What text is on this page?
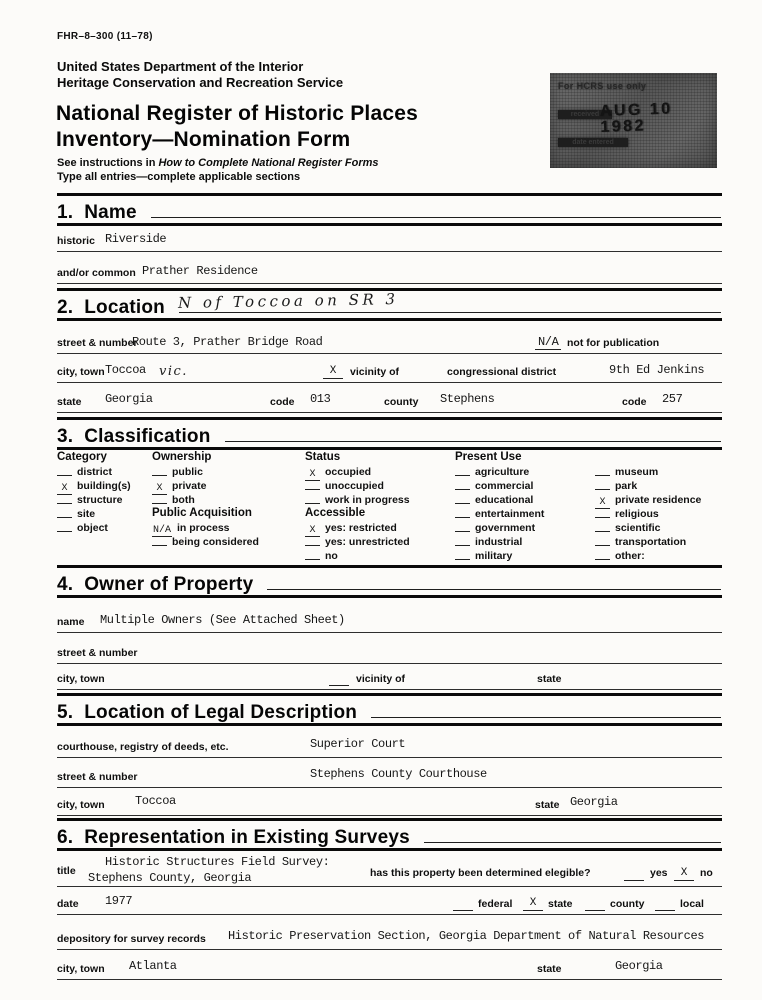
FHR–8–300 (11–78)
United States Department of the Interior
Heritage Conservation and Recreation Service
National Register of Historic Places
Inventory—Nomination Form
See instructions in How to Complete National Register Forms
Type all entries—complete applicable sections
For HCRS use only
received AUG 10 1982
date entered
1.  Name
historic Riverside
and/or common Prather Residence
2.  Location N of Toccoa on SR 3
street & number
Route 3, Prather Bridge Road	N/A not for publication
city, town Toccoa vic.	X	vicinity of	congressional district	9th Ed Jenkins
state Georgia	code 013	county Stephens	code 257
3.  Classification
Category
district
X building(s)
structure
site
object
Ownership
public
X private
both
Public Acquisition
N/A in process
being considered
Status
X occupied
unoccupied
work in progress
Accessible
X yes: restricted
yes: unrestricted
no
Present Use
agriculture
commercial
educational
entertainment
government
industrial
military
museum
park
X private residence
religious
scientific
transportation
other:
4.  Owner of Property
name Multiple Owners (See Attached Sheet)
street & number
city, town	vicinity of	state
5.  Location of Legal Description
courthouse, registry of deeds, etc.	Superior Court
street & number	Stephens County Courthouse
city, town	Toccoa	state Georgia
6.  Representation in Existing Surveys
title
Historic Structures Field Survey:
Stephens County, Georgia	has this property been determined elegible?	yes	X	no
date 1977	federal	X	state	county	local
depository for survey records Historic Preservation Section, Georgia Department of Natural Resources
city, town Atlanta	state	Georgia
